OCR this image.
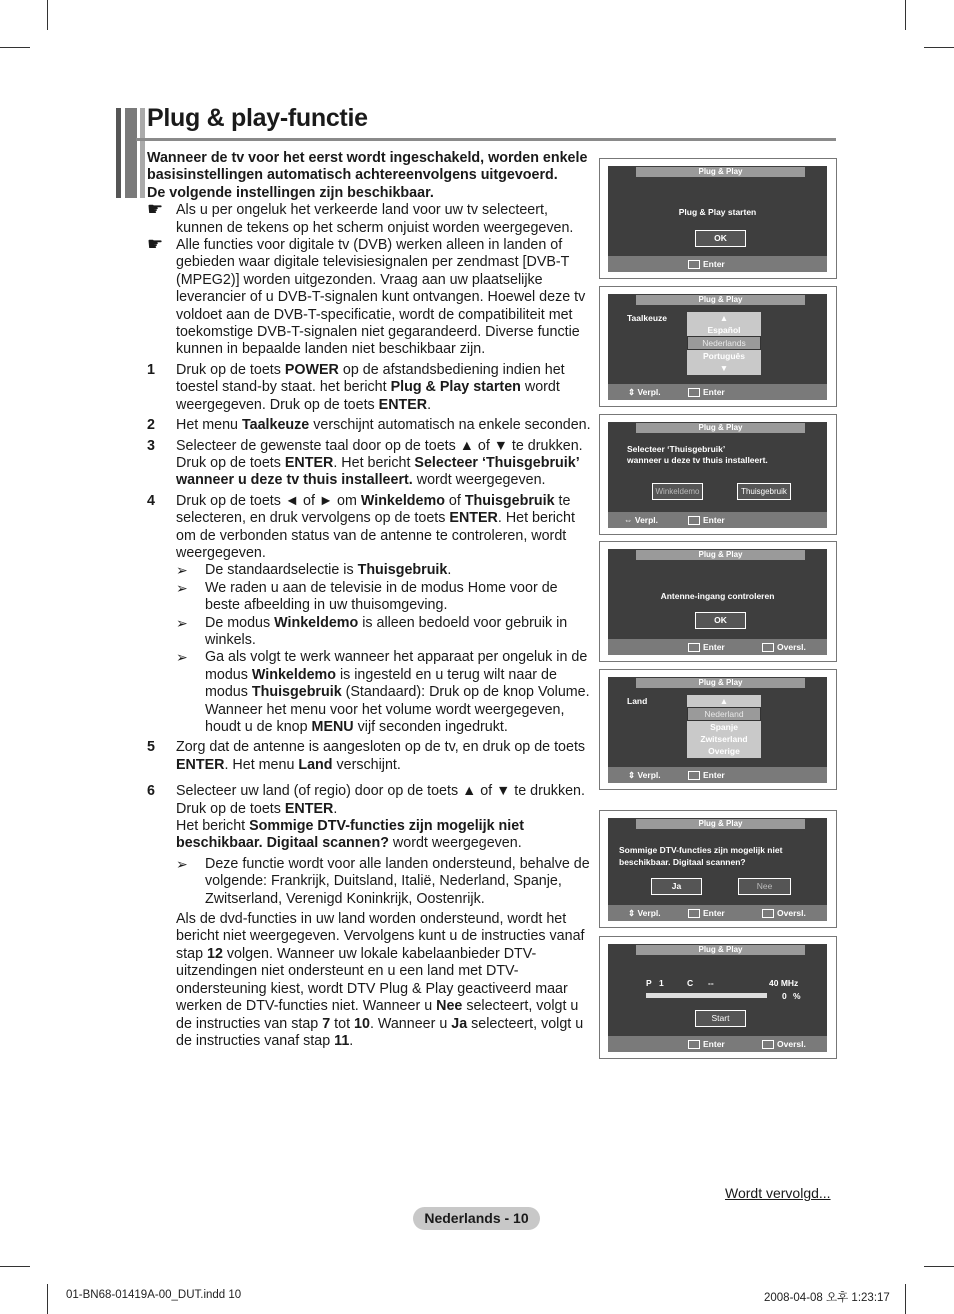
Plug & play-functie

Wanneer de tv voor het eerst wordt ingeschakeld, worden enkele basisinstellingen automatisch achtereenvolgens uitgevoerd.

De volgende instellingen zijn beschikbaar.

☛ Als u per ongeluk het verkeerde land voor uw tv selecteert, kunnen de tekens op het scherm onjuist worden weergegeven.
☛ Alle functies voor digitale tv (DVB) werken alleen in landen of gebieden waar digitale televisiesignalen per zendmast [DVB-T (MPEG2)] worden uitgezonden. Vraag aan uw plaatselijke leverancier of u DVB-T-signalen kunt ontvangen. Hoewel deze tv voldoet aan de DVB-T-specificatie, wordt de compatibiliteit met toekomstige DVB-T-signalen niet gegarandeerd. Diverse functie kunnen in bepaalde landen niet beschikbaar zijn.
1 Druk op de toets POWER op de afstandsbediening indien het toestel stand-by staat. het bericht Plug & Play starten wordt weergegeven. Druk op de toets ENTER.
2 Het menu Taalkeuze verschijnt automatisch na enkele seconden.
3 Selecteer de gewenste taal door op de toets ▲ of ▼ te drukken. Druk op de toets ENTER. Het bericht Selecteer ‘Thuisgebruik’ wanneer u deze tv thuis installeert. wordt weergegeven.
4 Druk op de toets ◄ of ► om Winkeldemo of Thuisgebruik te selecteren, en druk vervolgens op de toets ENTER. Het bericht om de verbonden status van de antenne te controleren, wordt weergegeven.
➢ De standaardselectie is Thuisgebruik.
➢ We raden u aan de televisie in de modus Home voor de beste afbeelding in uw thuisomgeving.
➢ De modus Winkeldemo is alleen bedoeld voor gebruik in winkels.
➢ Ga als volgt te werk wanneer het apparaat per ongeluk in de modus Winkeldemo is ingesteld en u terug wilt naar de modus Thuisgebruik (Standaard): Druk op de knop Volume. Wanneer het menu voor het volume wordt weergegeven, houdt u de knop MENU vijf seconden ingedrukt.
5 Zorg dat de antenne is aangesloten op de tv, en druk op de toets ENTER. Het menu Land verschijnt.
6 Selecteer uw land (of regio) door op de toets ▲ of ▼ te drukken. Druk op de toets ENTER.
Het bericht Sommige DTV-functies zijn mogelijk niet beschikbaar. Digitaal scannen? wordt weergegeven.
➢ Deze functie wordt voor alle landen ondersteund, behalve de volgende: Frankrijk, Duitsland, Italië, Nederland, Spanje, Zwitserland, Verenigd Koninkrijk, Oostenrijk.
Als de dvd-functies in uw land worden ondersteund, wordt het bericht niet weergegeven. Vervolgens kunt u de instructies vanaf stap 12 volgen. Wanneer uw lokale kabelaanbieder DTV-uitzendingen niet ondersteunt en u een land met DTV-ondersteuning kiest, wordt DTV Plug & Play geactiveerd maar werken de DTV-functies niet. Wanneer u Nee selecteert, volgt u de instructies van stap 7 tot 10. Wanneer u Ja selecteert, volgt u de instructies vanaf stap 11.
Plug & Play
Plug & Play starten
OK
Enter
Plug & Play
Taalkeuze	▲
Español
Nederlands
Português
▼
⇕ Verpl.	Enter
Plug & Play
Selecteer ‘Thuisgebruik’
wanneer u deze tv thuis installeert.
Winkeldemo	Thuisgebruik
⇔ Verpl.	Enter
Plug & Play
Antenne-ingang controleren
OK
Enter	Oversl.
Plug & Play
Land	▲
Nederland
Spanje
Zwitserland
Overige
⇕ Verpl.	Enter
Plug & Play
Sommige DTV-functies zijn mogelijk niet
beschikbaar. Digitaal scannen?
Ja	Nee
⇕ Verpl.	Enter	Oversl.
Plug & Play
P 1	C --	40 MHz
0 %
Start
Enter	Oversl.
Wordt vervolgd...
Nederlands - 10
01-BN68-01419A-00_DUT.indd 10	2008-04-08 오후 1:23:17
